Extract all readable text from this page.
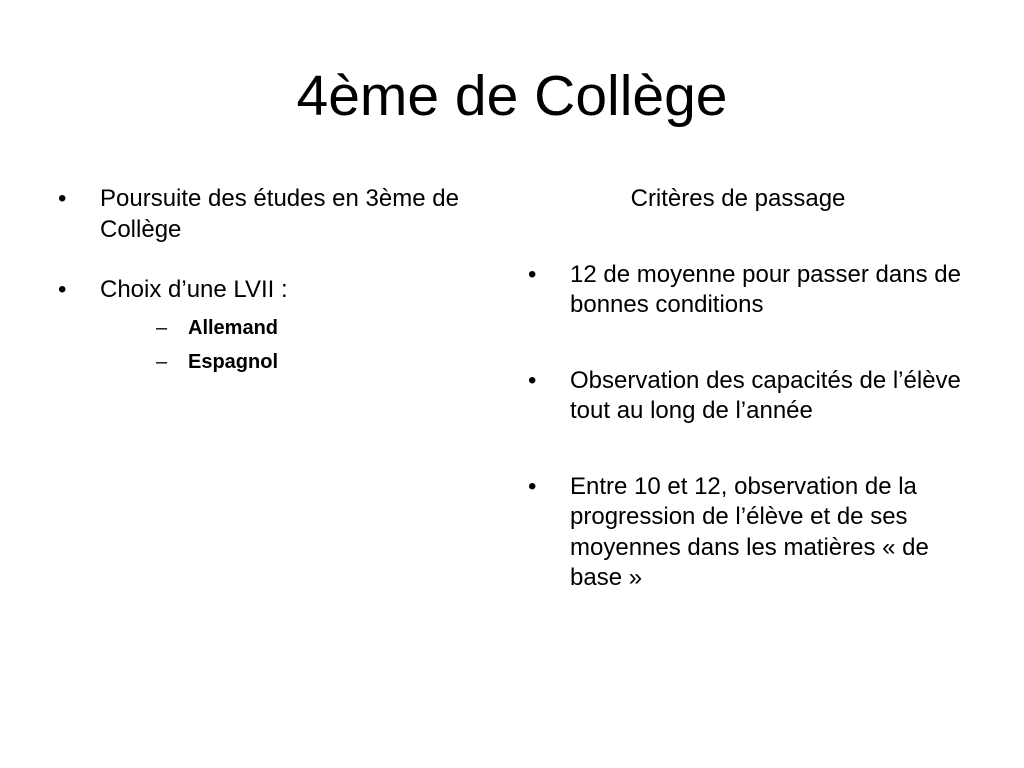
4ème de Collège
•	Poursuite des études en 3ème de Collège
•	Choix d’une LVII :
– Allemand
– Espagnol
Critères de passage
•	12 de moyenne pour passer dans de bonnes conditions
•	Observation des capacités de l’élève tout au long de l’année
•	Entre 10 et 12, observation de la progression de l’élève et de ses moyennes dans les matières « de base »
